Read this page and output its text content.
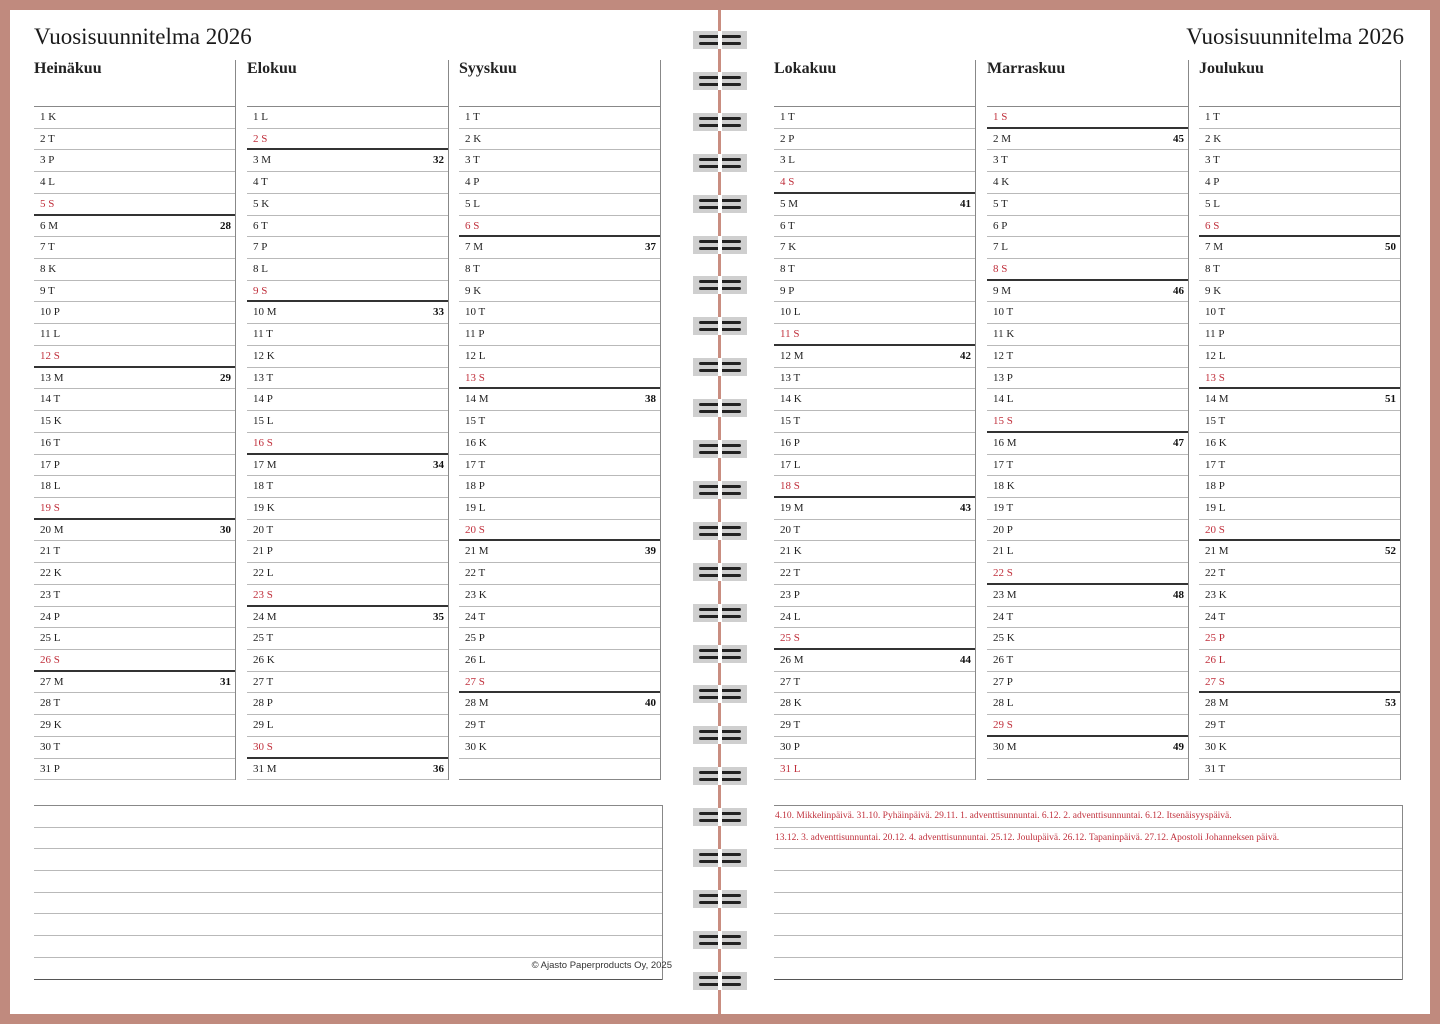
Vuosisuunnitelma 2026
Heinäkuu
1 K
2 T
3 P
4 L
5 S
6 M	28
7 T
8 K
9 T
10 P
11 L
12 S
13 M	29
14 T
15 K
16 T
17 P
18 L
19 S
20 M	30
21 T
22 K
23 T
24 P
25 L
26 S
27 M	31
28 T
29 K
30 T
31 P
Elokuu
1 L
2 S
3 M	32
4 T
5 K
6 T
7 P
8 L
9 S
10 M	33
11 T
12 K
13 T
14 P
15 L
16 S
17 M	34
18 T
19 K
20 T
21 P
22 L
23 S
24 M	35
25 T
26 K
27 T
28 P
29 L
30 S
31 M	36
Syyskuu
1 T
2 K
3 T
4 P
5 L
6 S
7 M	37
8 T
9 K
10 T
11 P
12 L
13 S
14 M	38
15 T
16 K
17 T
18 P
19 L
20 S
21 M	39
22 T
23 K
24 T
25 P
26 L
27 S
28 M	40
29 T
30 K
© Ajasto Paperproducts Oy, 2025
Vuosisuunnitelma 2026
Lokakuu
1 T
2 P
3 L
4 S
5 M	41
6 T
7 K
8 T
9 P
10 L
11 S
12 M	42
13 T
14 K
15 T
16 P
17 L
18 S
19 M	43
20 T
21 K
22 T
23 P
24 L
25 S
26 M	44
27 T
28 K
29 T
30 P
31 L
Marraskuu
1 S
2 M	45
3 T
4 K
5 T
6 P
7 L
8 S
9 M	46
10 T
11 K
12 T
13 P
14 L
15 S
16 M	47
17 T
18 K
19 T
20 P
21 L
22 S
23 M	48
24 T
25 K
26 T
27 P
28 L
29 S
30 M	49
Joulukuu
1 T
2 K
3 T
4 P
5 L
6 S
7 M	50
8 T
9 K
10 T
11 P
12 L
13 S
14 M	51
15 T
16 K
17 T
18 P
19 L
20 S
21 M	52
22 T
23 K
24 T
25 P
26 L
27 S
28 M	53
29 T
30 K
31 T
4.10. Mikkelinpäivä. 31.10. Pyhäinpäivä. 29.11. 1. adventtisunnuntai. 6.12. 2. adventtisunnuntai. 6.12. Itsenäisyyspäivä.
13.12. 3. adventtisunnuntai. 20.12. 4. adventtisunnuntai. 25.12. Joulupäivä. 26.12. Tapaninpäivä. 27.12. Apostoli Johanneksen päivä.
